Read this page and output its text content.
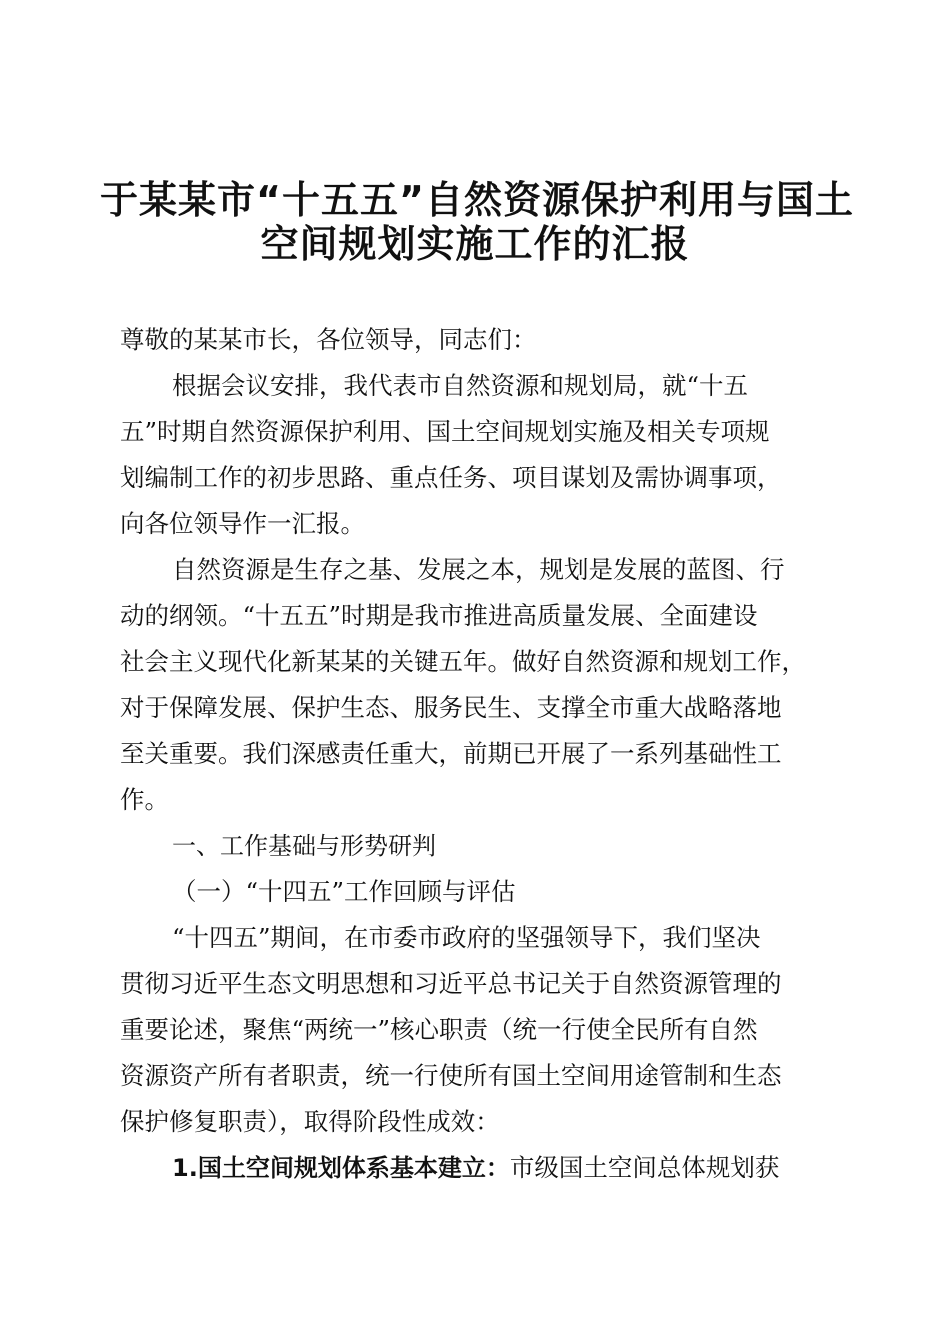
于某某市“十五五”自然资源保护利用与国土
空间规划实施工作的汇报

尊敬的某某市长，各位领导，同志们：

根据会议安排，我代表市自然资源和规划局，就“十五

五”时期自然资源保护利用、国土空间规划实施及相关专项规

划编制工作的初步思路、重点任务、项目谋划及需协调事项，

向各位领导作一汇报。

自然资源是生存之基、发展之本，规划是发展的蓝图、行

动的纲领。“十五五”时期是我市推进高质量发展、全面建设

社会主义现代化新某某的关键五年。做好自然资源和规划工作，

对于保障发展、保护生态、服务民生、支撑全市重大战略落地

至关重要。我们深感责任重大，前期已开展了一系列基础性工

作。

一、工作基础与形势研判

（一）“十四五”工作回顾与评估

“十四五”期间，在市委市政府的坚强领导下，我们坚决

贯彻习近平生态文明思想和习近平总书记关于自然资源管理的

重要论述，聚焦“两统一”核心职责（统一行使全民所有自然

资源资产所有者职责，统一行使所有国土空间用途管制和生态

保护修复职责），取得阶段性成效：

1.国土空间规划体系基本建立：市级国土空间总体规划获
